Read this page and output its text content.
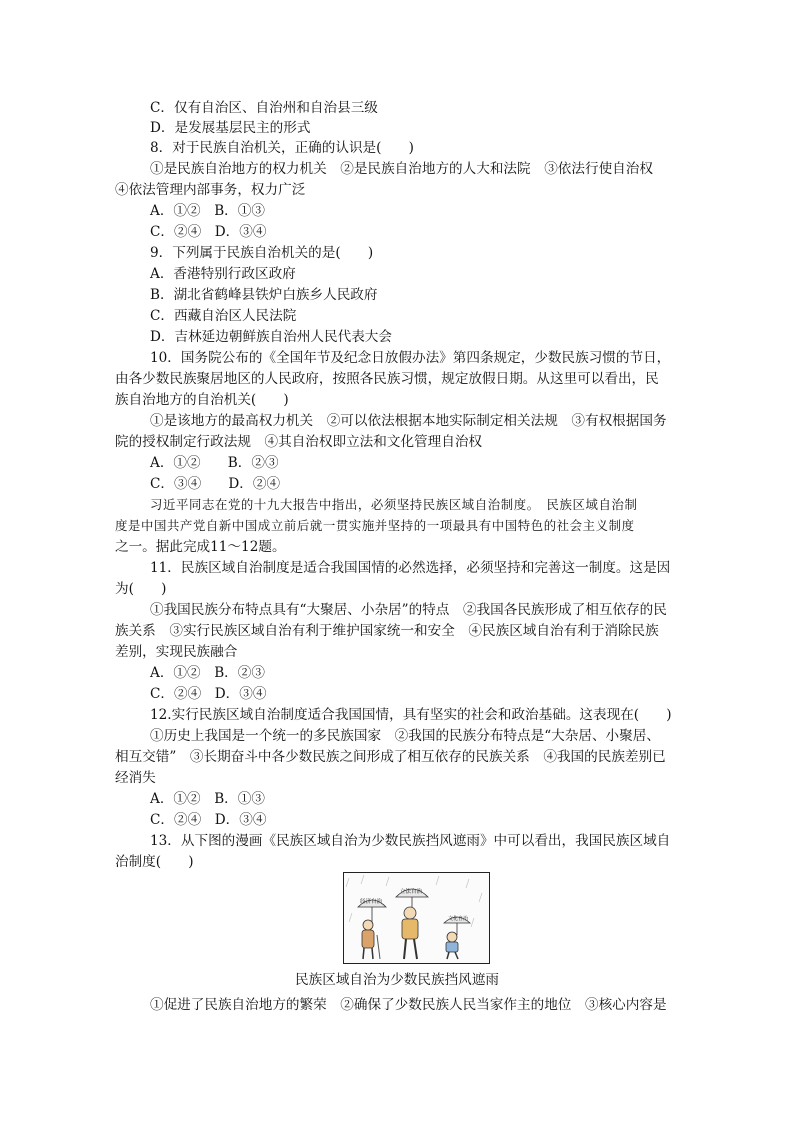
C．仅有自治区、自治州和自治县三级
D．是发展基层民主的形式
8．对于民族自治机关，正确的认识是(　　)
①是民族自治地方的权力机关　②是民族自治地方的人大和法院　③依法行使自治权
④依法管理内部事务，权力广泛
A．①②　B．①③
C．②④　D．③④
9．下列属于民族自治机关的是(　　)
A．香港特别行政区政府
B．湖北省鹤峰县铁炉白族乡人民政府
C．西藏自治区人民法院
D．吉林延边朝鲜族自治州人民代表大会
10．国务院公布的《全国年节及纪念日放假办法》第四条规定，少数民族习惯的节日，
由各少数民族聚居地区的人民政府，按照各民族习惯，规定放假日期。从这里可以看出，民
族自治地方的自治机关(　　)
①是该地方的最高权力机关　②可以依法根据本地实际制定相关法规　③有权根据国务
院的授权制定行政法规　④其自治权即立法和文化管理自治权
A．①②　　B．②③
C．③④　　D．②④
习近平同志在党的十九大报告中指出，必须坚持民族区域自治制度。　民族区域自治制
度是中国共产党自新中国成立前后就一贯实施并坚持的一项最具有中国特色的社会主义制度
之一。据此完成11～12题。
11．民族区域自治制度是适合我国国情的必然选择，必须坚持和完善这一制度。这是因
为(　　)
①我国民族分布特点具有“大聚居、小杂居”的特点　②我国各民族形成了相互依存的民
族关系　③实行民族区域自治有利于维护国家统一和安全　④民族区域自治有利于消除民族
差别，实现民族融合
A．①②　B．②③
C．②④　D．③④
12.实行民族区域自治制度适合我国国情，具有坚实的社会和政治基础。这表现在(　　)
①历史上我国是一个统一的多民族国家　②我国的民族分布特点是“大杂居、小聚居、
相互交错”　③长期奋斗中各少数民族之间形成了相互依存的民族关系　④我国的民族差别已
经消失
A．①②　B．①③
C．②④　D．③④
13．从下图的漫画《民族区域自治为少数民族挡风遮雨》中可以看出，我国民族区域自
治制度(　　)
经济自治
立法自治
文化自治
民族区域自治为少数民族挡风遮雨
①促进了民族自治地方的繁荣　②确保了少数民族人民当家作主的地位　③核心内容是
